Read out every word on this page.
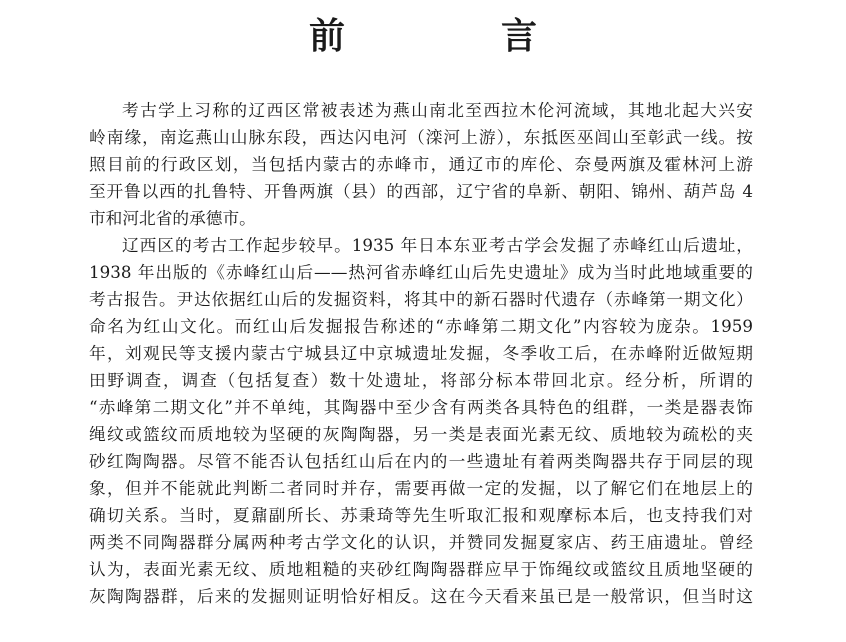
前　言

考古学上习称的辽西区常被表述为燕山南北至西拉木伦河流域，其地北起大兴安
岭南缘，南迄燕山山脉东段，西达闪电河（滦河上游），东抵医巫闾山至彰武一线。按
照目前的行政区划，当包括内蒙古的赤峰市，通辽市的库伦、奈曼两旗及霍林河上游
至开鲁以西的扎鲁特、开鲁两旗（县）的西部，辽宁省的阜新、朝阳、锦州、葫芦岛 4
市和河北省的承德市。

辽西区的考古工作起步较早。1935 年日本东亚考古学会发掘了赤峰红山后遗址，
1938 年出版的《赤峰红山后——热河省赤峰红山后先史遗址》成为当时此地域重要的
考古报告。尹达依据红山后的发掘资料，将其中的新石器时代遗存（赤峰第一期文化）
命名为红山文化。而红山后发掘报告称述的“赤峰第二期文化”内容较为庞杂。1959
年，刘观民等支援内蒙古宁城县辽中京城遗址发掘，冬季收工后，在赤峰附近做短期
田野调查，调查（包括复查）数十处遗址，将部分标本带回北京。经分析，所谓的
“赤峰第二期文化”并不单纯，其陶器中至少含有两类各具特色的组群，一类是器表饰
绳纹或篮纹而质地较为坚硬的灰陶陶器，另一类是表面光素无纹、质地较为疏松的夹
砂红陶陶器。尽管不能否认包括红山后在内的一些遗址有着两类陶器共存于同层的现
象，但并不能就此判断二者同时并存，需要再做一定的发掘，以了解它们在地层上的
确切关系。当时，夏鼐副所长、苏秉琦等先生听取汇报和观摩标本后，也支持我们对
两类不同陶器群分属两种考古学文化的认识，并赞同发掘夏家店、药王庙遗址。曾经
认为，表面光素无纹、质地粗糙的夹砂红陶陶器群应早于饰绳纹或篮纹且质地坚硬的
灰陶陶器群，后来的发掘则证明恰好相反。这在今天看来虽已是一般常识，但当时这
